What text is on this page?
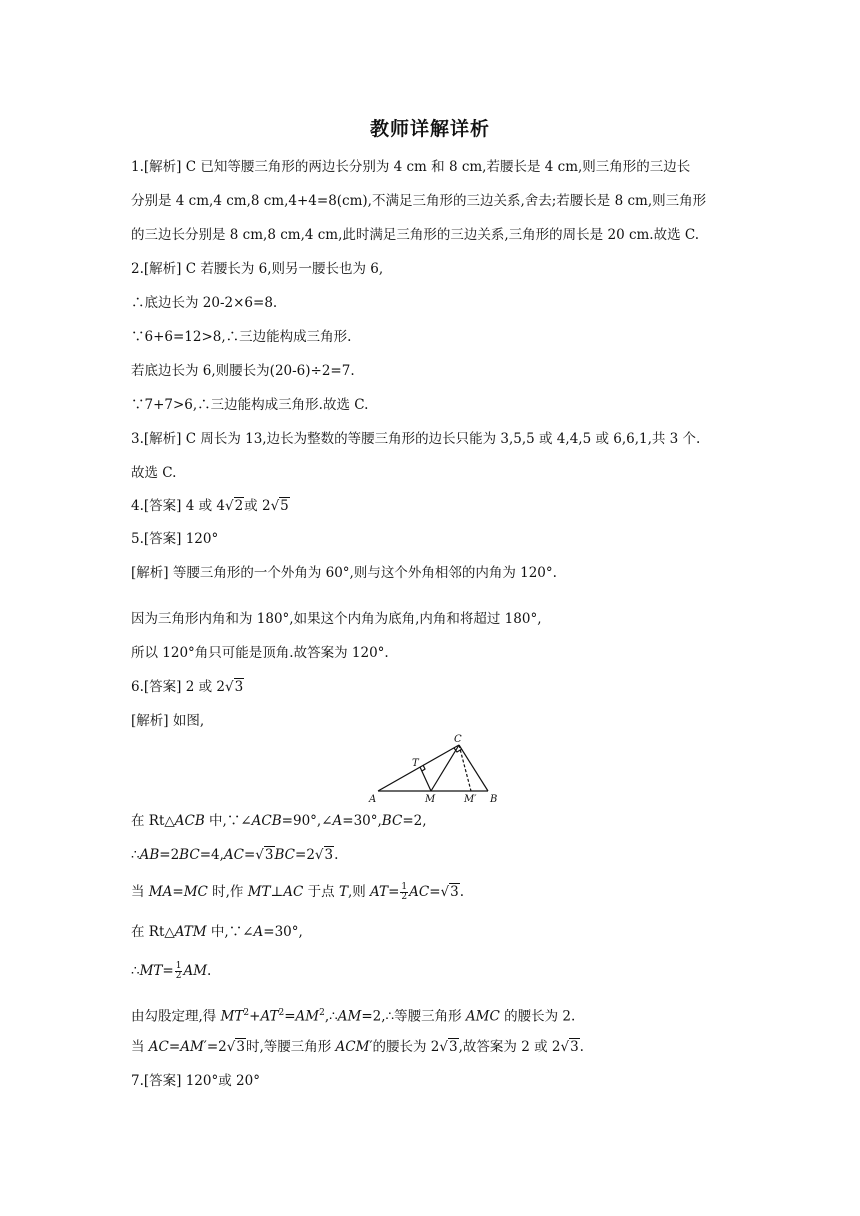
教师详解详析
1.[解析] C 已知等腰三角形的两边长分别为 4 cm 和 8 cm,若腰长是 4 cm,则三角形的三边长
分别是 4 cm,4 cm,8 cm,4+4=8(cm),不满足三角形的三边关系,舍去;若腰长是 8 cm,则三角形
的三边长分别是 8 cm,8 cm,4 cm,此时满足三角形的三边关系,三角形的周长是 20 cm.故选 C.
2.[解析] C 若腰长为 6,则另一腰长也为 6,
∴底边长为 20-2×6=8.
∵6+6=12>8,∴三边能构成三角形.
若底边长为 6,则腰长为(20-6)÷2=7.
∵7+7>6,∴三边能构成三角形.故选 C.
3.[解析] C 周长为 13,边长为整数的等腰三角形的边长只能为 3,5,5 或 4,4,5 或 6,6,1,共 3 个.
故选 C.
4.[答案] 4 或 4√2或 2√5
5.[答案] 120°
[解析] 等腰三角形的一个外角为 60°,则与这个外角相邻的内角为 120°.
因为三角形内角和为 180°,如果这个内角为底角,内角和将超过 180°,
所以 120°角只可能是顶角.故答案为 120°.
6.[答案] 2 或 2√3
[解析] 如图,
A	B
C
T
M	M′
在 Rt△ACB 中,∵∠ACB=90°,∠A=30°,BC=2,
∴AB=2BC=4,AC=√3BC=2√3.
当 MA=MC 时,作 MT⊥AC 于点 T,则 $AT= \frac{1}{2} AC=√3$.
在 Rt△ATM 中,∵∠A=30°,
∴MT= $\frac{1}{2}$ AM.
由勾股定理,得 $MT^2+AT^2=AM^2,\therefore AM=2,\therefore$等腰三角形 AMC 的腰长为 2.
当 AC=AM′=2√3时,等腰三角形 ACM′的腰长为 2√3,故答案为 2 或 2√3.
7.[答案] 120°或 20°
